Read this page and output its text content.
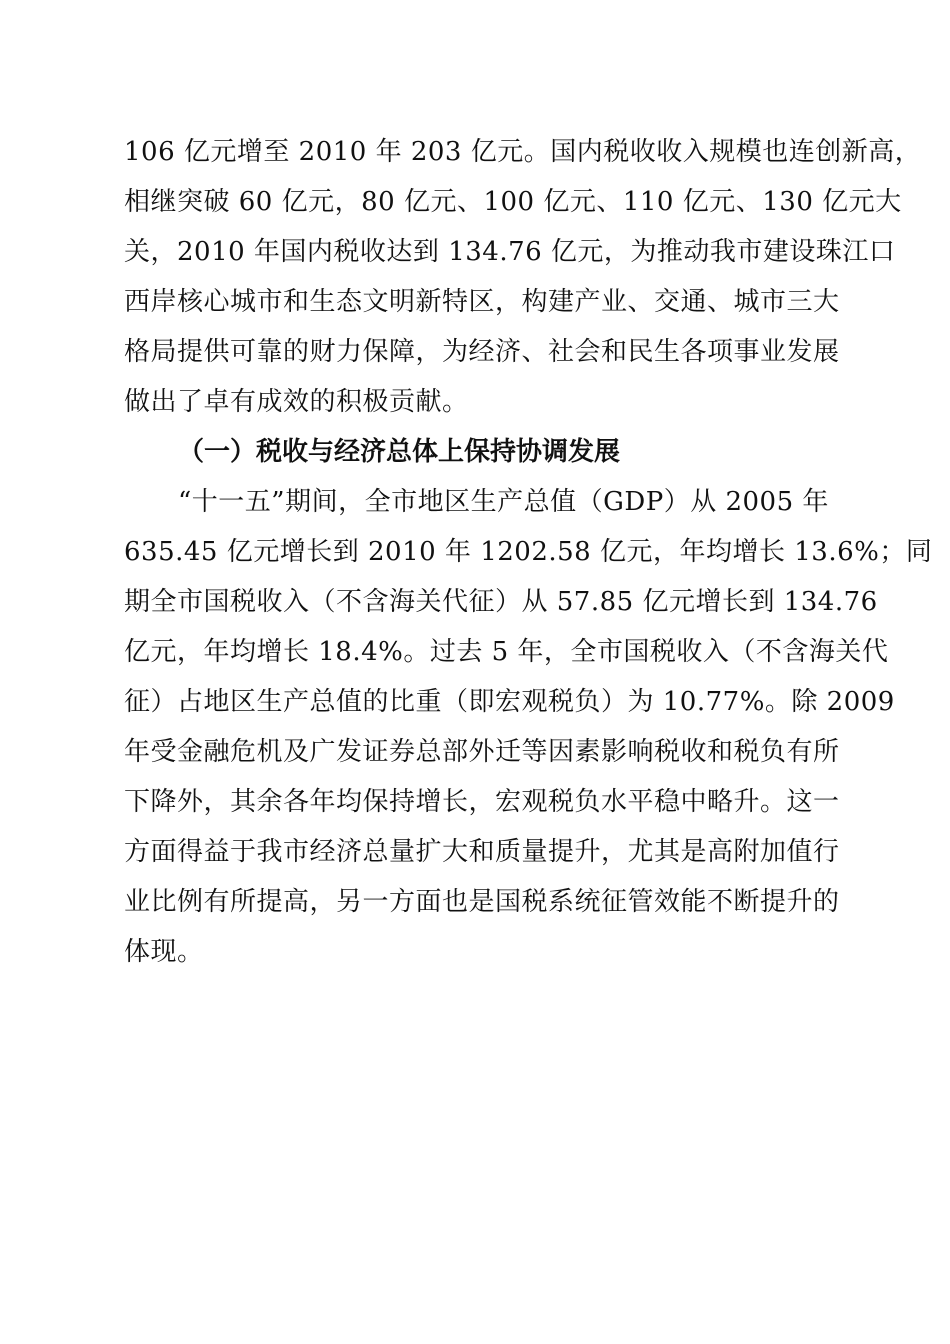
106 亿元增至 2010 年 203 亿元。国内税收收入规模也连创新高，
相继突破 60 亿元，80 亿元、100 亿元、110 亿元、130 亿元大
关，2010 年国内税收达到 134.76 亿元，为推动我市建设珠江口
西岸核心城市和生态文明新特区，构建产业、交通、城市三大
格局提供可靠的财力保障，为经济、社会和民生各项事业发展
做出了卓有成效的积极贡献。
（一）税收与经济总体上保持协调发展
“十一五”期间，全市地区生产总值（GDP）从 2005 年
635.45 亿元增长到 2010 年 1202.58 亿元，年均增长 13.6%；同
期全市国税收入（不含海关代征）从 57.85 亿元增长到 134.76
亿元，年均增长 18.4%。过去 5 年，全市国税收入（不含海关代
征）占地区生产总值的比重（即宏观税负）为 10.77%。除 2009
年受金融危机及广发证券总部外迁等因素影响税收和税负有所
下降外，其余各年均保持增长，宏观税负水平稳中略升。这一
方面得益于我市经济总量扩大和质量提升，尤其是高附加值行
业比例有所提高，另一方面也是国税系统征管效能不断提升的
体现。
